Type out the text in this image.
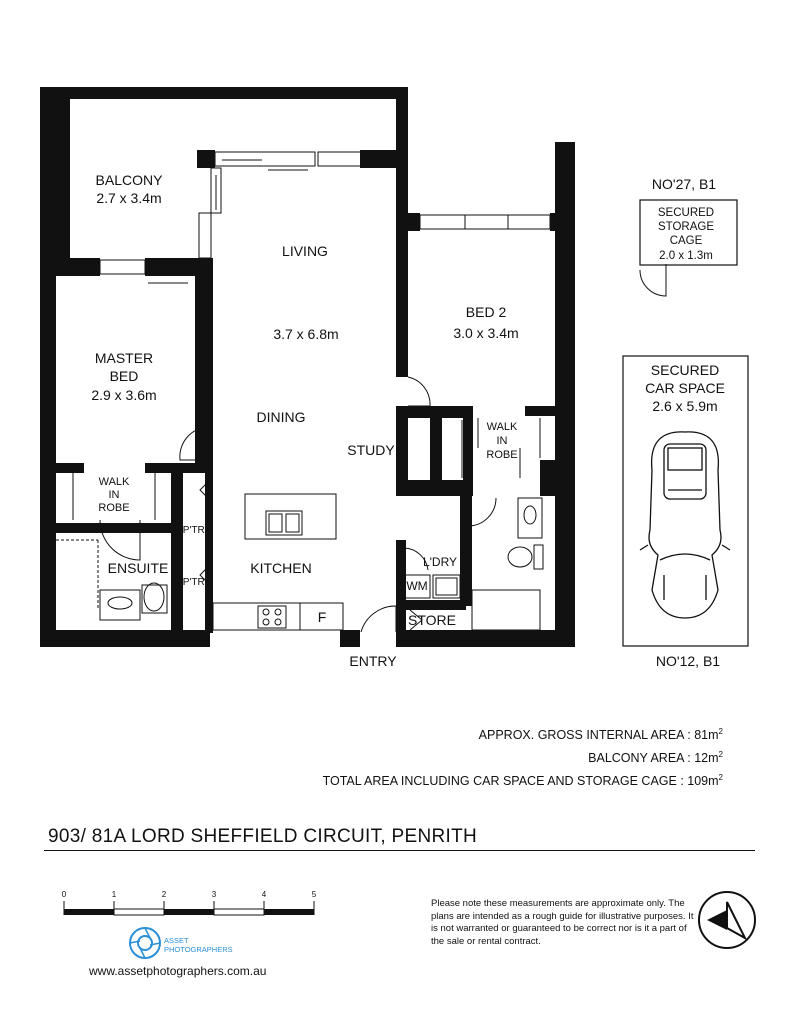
BALCONY
2.7 x 3.4m
LIVING
3.7 x 6.8m
DINING
BED 2
3.0 x 3.4m
MASTER
BED
2.9 x 3.6m
STUDY
ENSUITE	KITCHEN
STORE
ENTRY
F
WALK
IN
ROBE
WALK
IN
ROBE
P'TRY
P'TRY
L'DRY
WM
NO'27, B1
SECURED
STORAGE
CAGE
2.0 x 1.3m
SECURED
CAR SPACE
2.6 x 5.9m
NO'12, B1
APPROX. GROSS INTERNAL AREA : $81m^2$
BALCONY AREA : $12m^2$
TOTAL AREA INCLUDING CAR SPACE AND STORAGE CAGE : $109m^2$
903/ 81A LORD SHEFFIELD CIRCUIT, PENRITH
0	1	2	3	4	5
ASSET
PHOTOGRAPHERS
www.assetphotographers.com.au
Please note these measurements are approximate only. The plans are intended as a rough guide for illustrative purposes. It is not warranted or guaranteed to be correct nor is it a part of the sale or rental contract.
